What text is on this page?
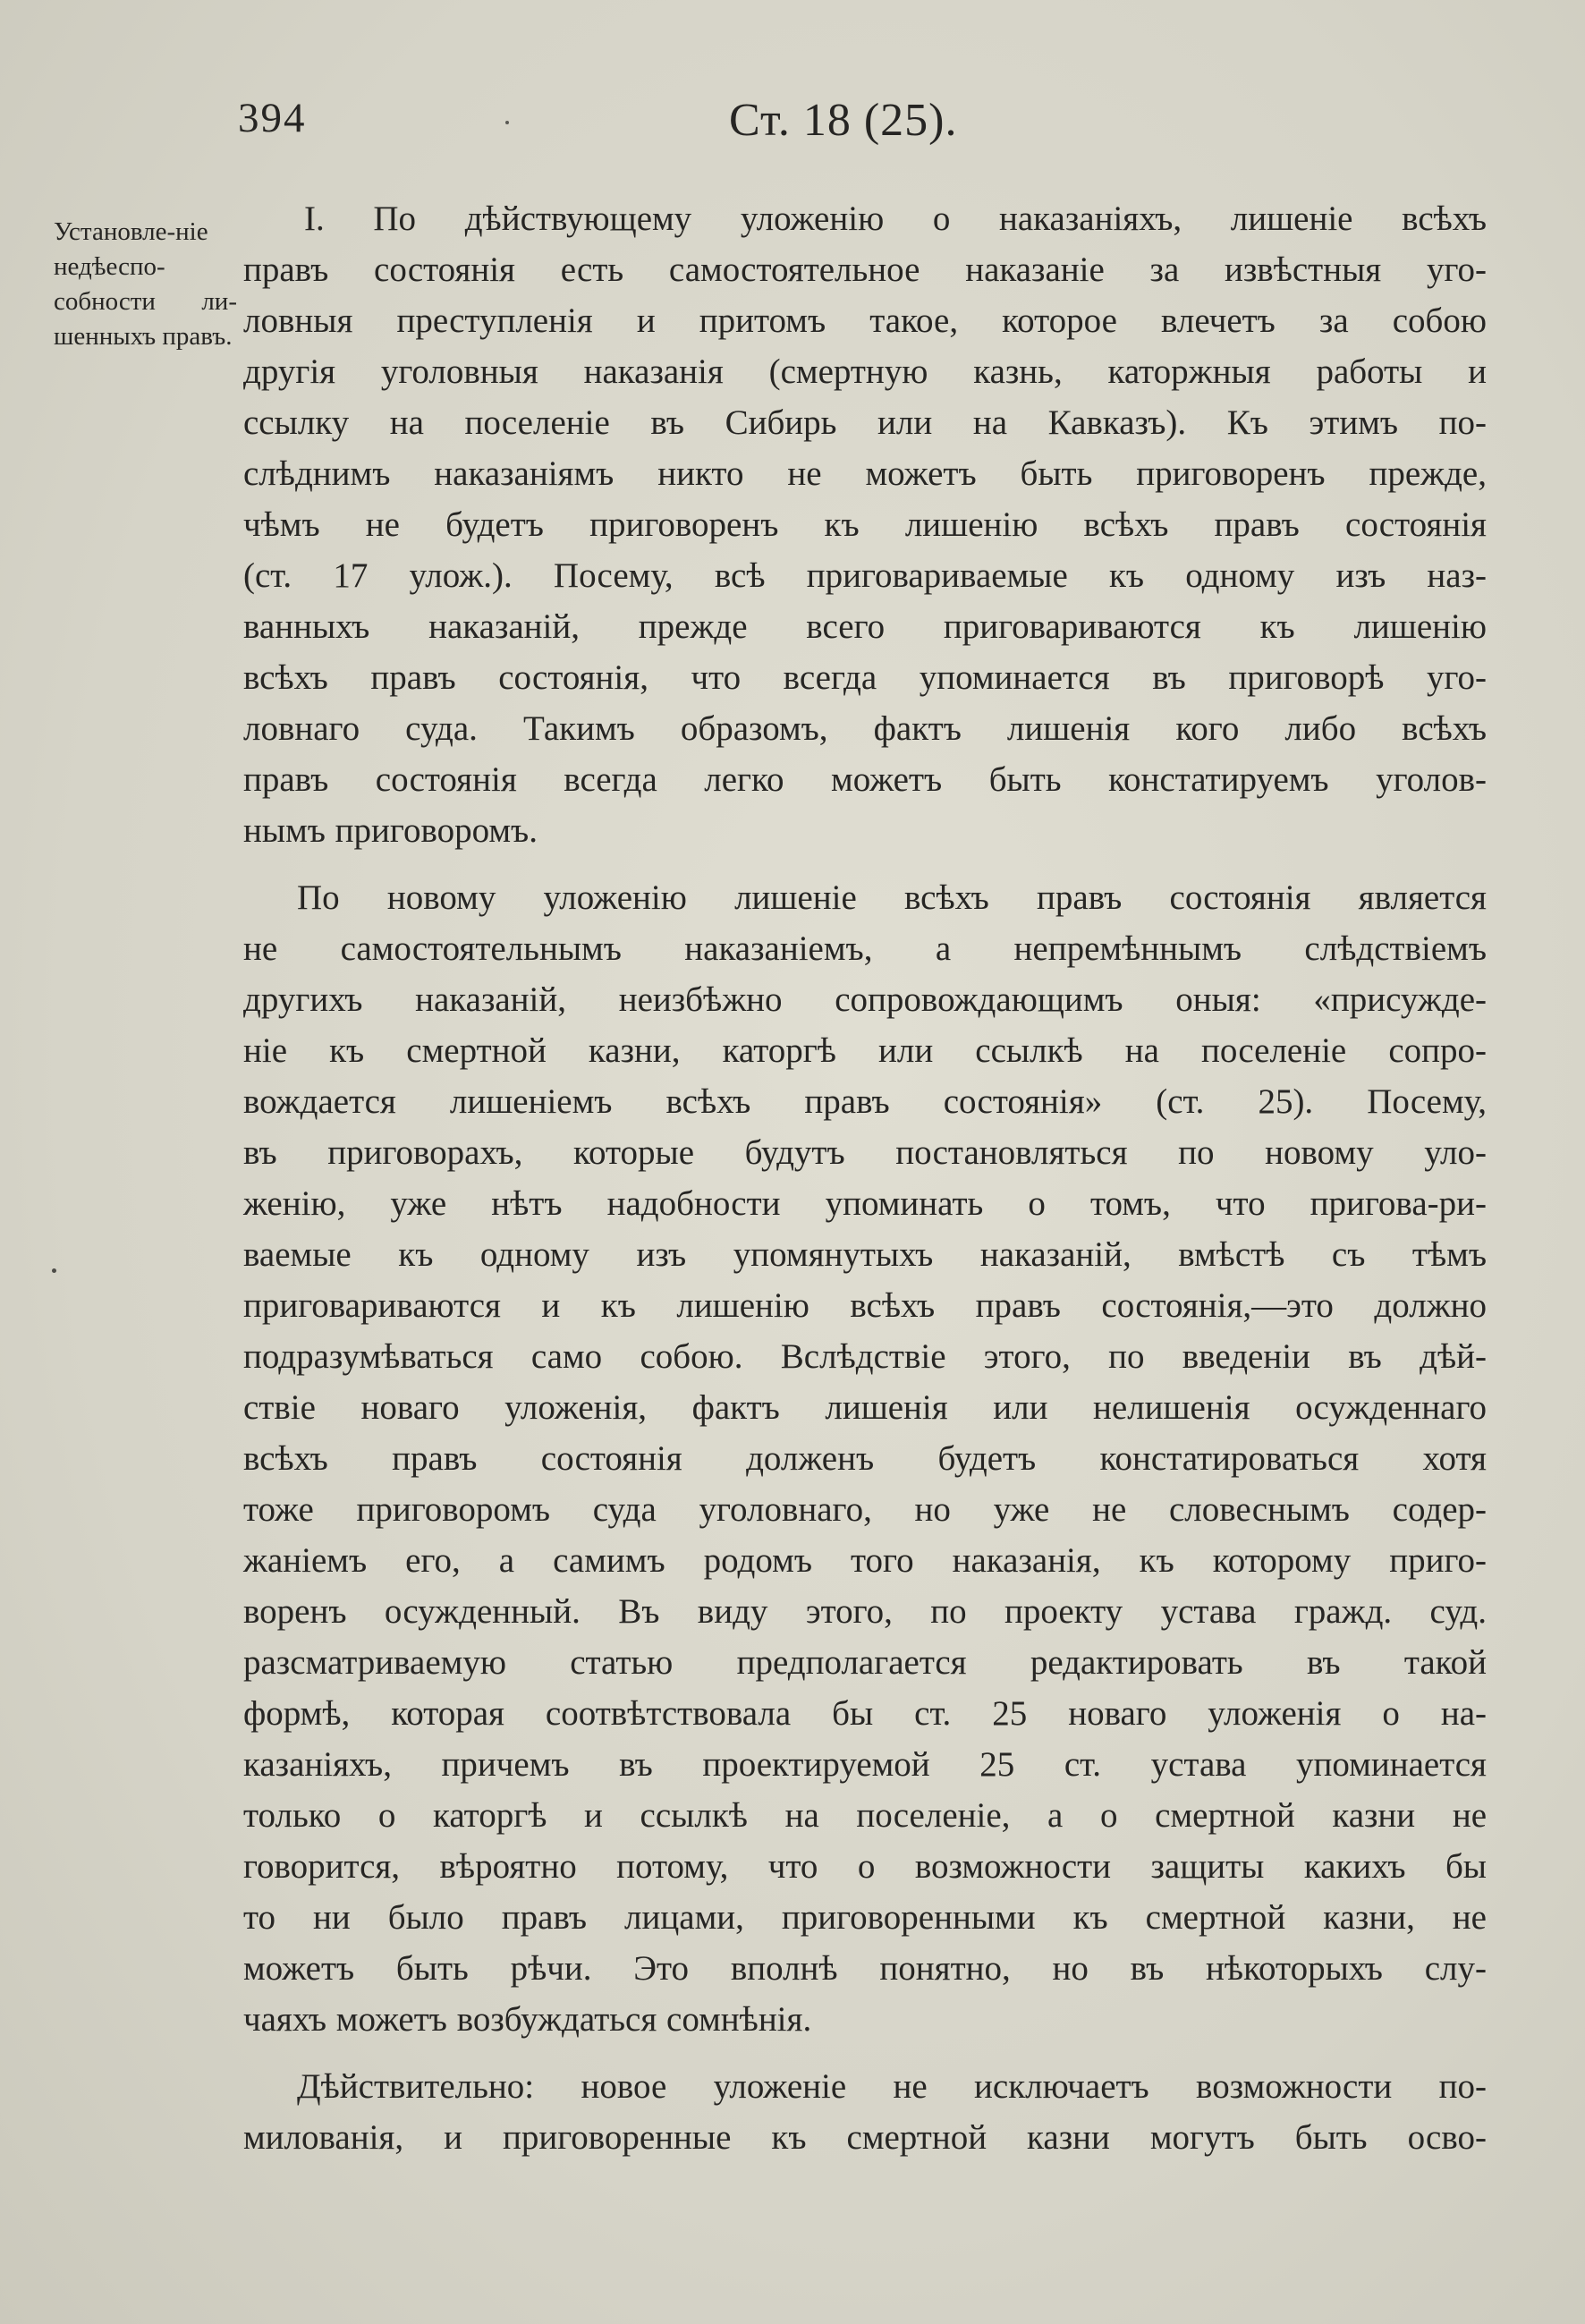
394	Ст. 18 (25).
Установле-ніе недѣеспо-собности ли-шенныхъ правъ.
I. По дѣйствующему уложенію о наказаніяхъ, лишеніе всѣхъ
правъ состоянія есть самостоятельное наказаніе за извѣстныя уго-
ловныя преступленія и притомъ такое, которое влечетъ за собою
другія уголовныя наказанія (смертную казнь, каторжныя работы и
ссылку на поселеніе въ Сибирь или на Кавказъ). Къ этимъ по-
слѣднимъ наказаніямъ никто не можетъ быть приговоренъ прежде,
чѣмъ не будетъ приговоренъ къ лишенію всѣхъ правъ состоянія
(ст. 17 улож.). Посему, всѣ приговариваемые къ одному изъ наз-
ванныхъ наказаній, прежде всего приговариваются къ лишенію
всѣхъ правъ состоянія, что всегда упоминается въ приговорѣ уго-
ловнаго суда. Такимъ образомъ, фактъ лишенія кого либо всѣхъ
правъ состоянія всегда легко можетъ быть констатируемъ уголов-
нымъ приговоромъ.
По новому уложенію лишеніе всѣхъ правъ состоянія является
не самостоятельнымъ наказаніемъ, а непремѣннымъ слѣдствіемъ
другихъ наказаній, неизбѣжно сопровождающимъ оныя: «присужде-
ніе къ смертной казни, каторгѣ или ссылкѣ на поселеніе сопро-
вождается лишеніемъ всѣхъ правъ состоянія» (ст. 25). Посему,
въ приговорахъ, которые будутъ постановляться по новому уло-
женію, уже нѣтъ надобности упоминать о томъ, что пригова-ри-
ваемые къ одному изъ упомянутыхъ наказаній, вмѣстѣ съ тѣмъ
приговариваются и къ лишенію всѣхъ правъ состоянія,—это должно
подразумѣваться само собою. Вслѣдствіе этого, по введеніи въ дѣй-
ствіе новаго уложенія, фактъ лишенія или нелишенія осужденнаго
всѣхъ правъ состоянія долженъ будетъ констатироваться хотя
тоже приговоромъ суда уголовнаго, но уже не словеснымъ содер-
жаніемъ его, а самимъ родомъ того наказанія, къ которому приго-
воренъ осужденный. Въ виду этого, по проекту устава гражд. суд.
разсматриваемую статью предполагается редактировать въ такой
формѣ, которая соотвѣтствовала бы ст. 25 новаго уложенія о на-
казаніяхъ, причемъ въ проектируемой 25 ст. устава упоминается
только о каторгѣ и ссылкѣ на поселеніе, а о смертной казни не
говорится, вѣроятно потому, что о возможности защиты какихъ бы
то ни было правъ лицами, приговоренными къ смертной казни, не
можетъ быть рѣчи. Это вполнѣ понятно, но въ нѣкоторыхъ слу-
чаяхъ можетъ возбуждаться сомнѣнія.
Дѣйствительно: новое уложеніе не исключаетъ возможности по-
милованія, и приговоренные къ смертной казни могутъ быть осво-
